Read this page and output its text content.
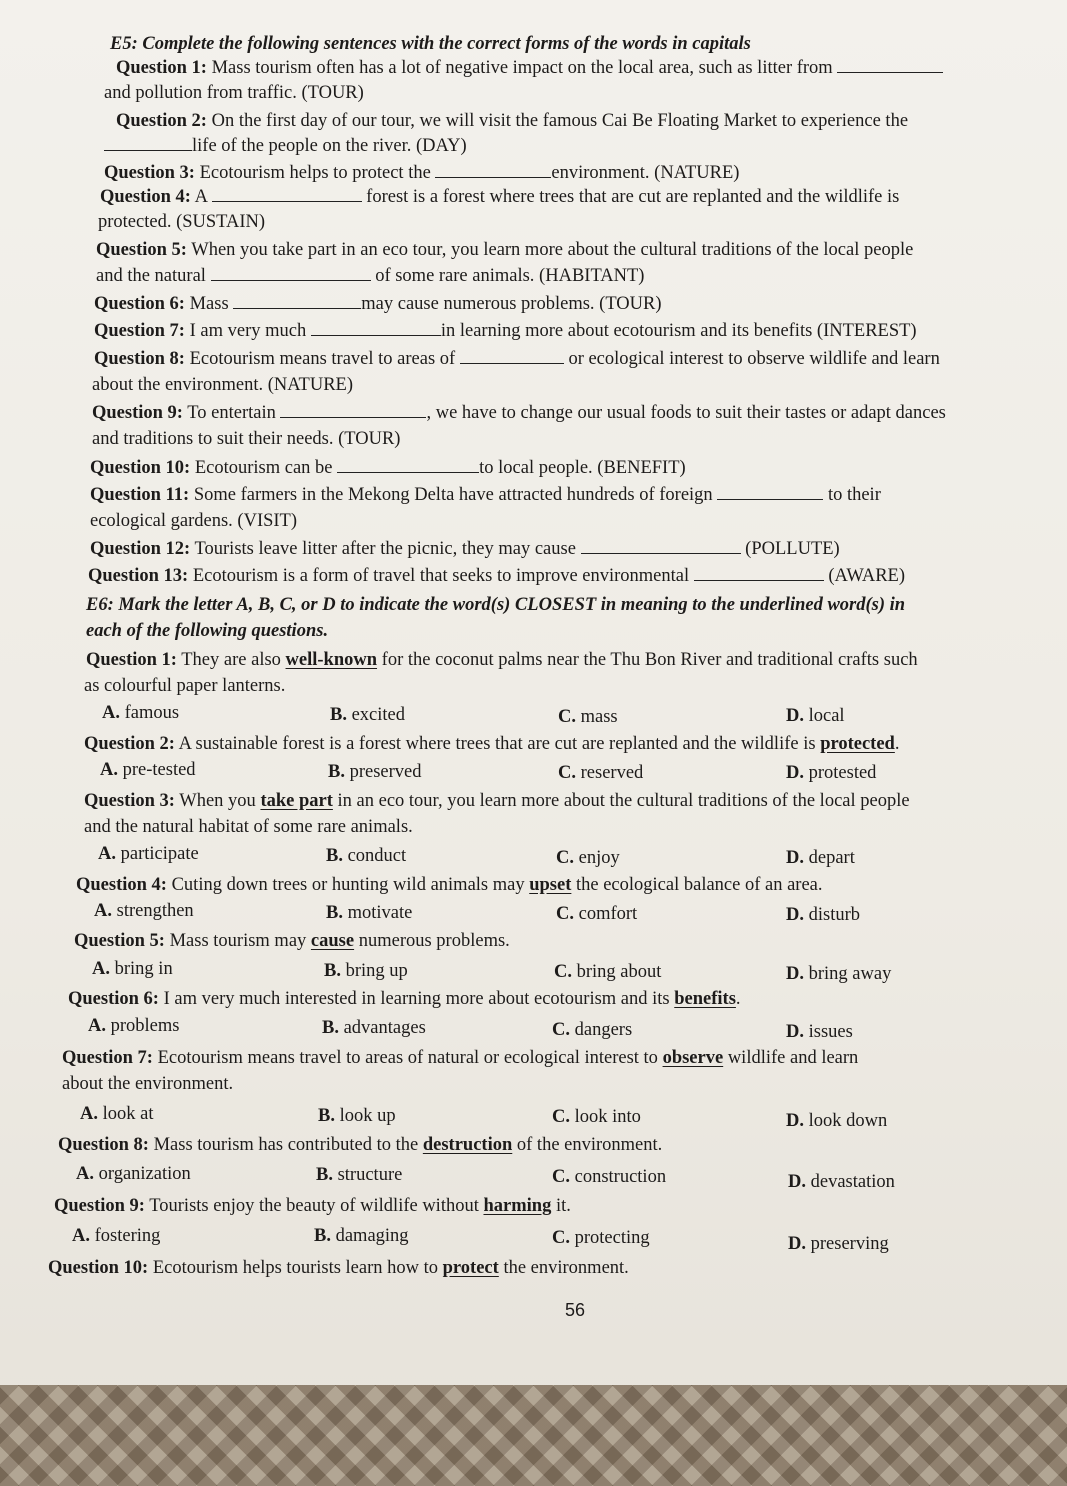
E5: Complete the following sentences with the correct forms of the words in capitals
Question 1: Mass tourism often has a lot of negative impact on the local area, such as litter from
and pollution from traffic. (TOUR)
Question 2: On the first day of our tour, we will visit the famous Cai Be Floating Market to experience the
life of the people on the river. (DAY)
Question 3: Ecotourism helps to protect the	environment. (NATURE)
Question 4: A	forest is a forest where trees that are cut are replanted and the wildlife is
protected. (SUSTAIN)
Question 5: When you take part in an eco tour, you learn more about the cultural traditions of the local people
and the natural	of some rare animals. (HABITANT)
Question 6: Mass	may cause numerous problems. (TOUR)
Question 7: I am very much	in learning more about ecotourism and its benefits (INTEREST)
Question 8: Ecotourism means travel to areas of	or ecological interest to observe wildlife and learn
about the environment. (NATURE)
Question 9: To entertain	, we have to change our usual foods to suit their tastes or adapt dances
and traditions to suit their needs. (TOUR)
Question 10: Ecotourism can be	to local people. (BENEFIT)
Question 11: Some farmers in the Mekong Delta have attracted hundreds of foreign	to their
ecological gardens. (VISIT)
Question 12: Tourists leave litter after the picnic, they may cause	(POLLUTE)
Question 13: Ecotourism is a form of travel that seeks to improve environmental	(AWARE)
E6: Mark the letter A, B, C, or D to indicate the word(s) CLOSEST in meaning to the underlined word(s) in
each of the following questions.
Question 1: They are also well-known for the coconut palms near the Thu Bon River and traditional crafts such
as colourful paper lanterns.
A. famous	B. excited	C. mass	D. local
Question 2: A sustainable forest is a forest where trees that are cut are replanted and the wildlife is protected.
A. pre-tested	B. preserved	C. reserved	D. protested
Question 3: When you take part in an eco tour, you learn more about the cultural traditions of the local people
and the natural habitat of some rare animals.
A. participate	B. conduct	C. enjoy	D. depart
Question 4: Cuting down trees or hunting wild animals may upset the ecological balance of an area.
A. strengthen	B. motivate	C. comfort	D. disturb
Question 5: Mass tourism may cause numerous problems.
A. bring in	B. bring up	C. bring about	D. bring away
Question 6: I am very much interested in learning more about ecotourism and its benefits.
A. problems	B. advantages	C. dangers	D. issues
Question 7: Ecotourism means travel to areas of natural or ecological interest to observe wildlife and learn
about the environment.
A. look at	B. look up	C. look into	D. look down
Question 8: Mass tourism has contributed to the destruction of the environment.
A. organization	B. structure	C. construction	D. devastation
Question 9: Tourists enjoy the beauty of wildlife without harming it.
A. fostering	B. damaging	C. protecting	D. preserving
Question 10: Ecotourism helps tourists learn how to protect the environment.
56
